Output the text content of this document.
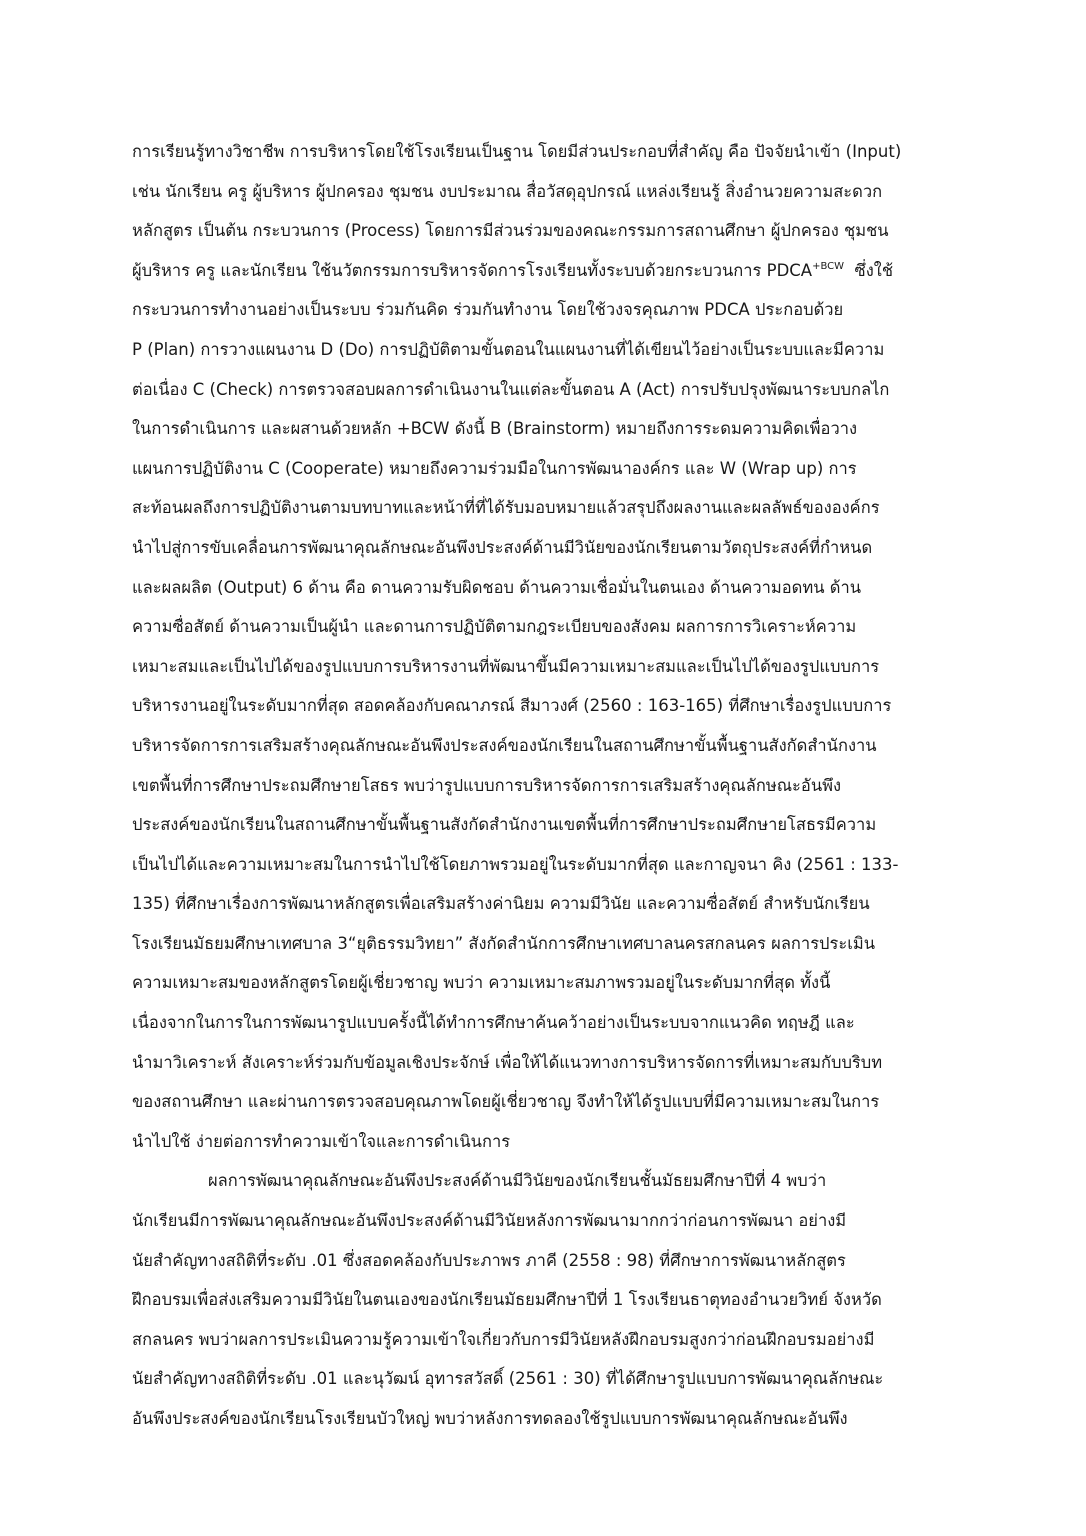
การเรียนรู้ทางวิชาชีพ การบริหารโดยใช้โรงเรียนเป็นฐาน โดยมีส่วนประกอบที่สำคัญ คือ ปัจจัยนำเข้า (Input)
เช่น นักเรียน ครู ผู้บริหาร ผู้ปกครอง ชุมชน งบประมาณ สื่อวัสดุอุปกรณ์ แหล่งเรียนรู้ สิ่งอำนวยความสะดวก
หลักสูตร เป็นต้น กระบวนการ (Process) โดยการมีส่วนร่วมของคณะกรรมการสถานศึกษา ผู้ปกครอง ชุมชน
ผู้บริหาร ครู และนักเรียน ใช้นวัตกรรมการบริหารจัดการโรงเรียนทั้งระบบด้วยกระบวนการ $PDCA^{+BCW}$ ซึ่งใช้
กระบวนการทำงานอย่างเป็นระบบ ร่วมกันคิด ร่วมกันทำงาน โดยใช้วงจรคุณภาพ PDCA ประกอบด้วย
P (Plan) การวางแผนงาน D (Do) การปฏิบัติตามขั้นตอนในแผนงานที่ได้เขียนไว้อย่างเป็นระบบและมีความ
ต่อเนื่อง C (Check) การตรวจสอบผลการดำเนินงานในแต่ละขั้นตอน A (Act) การปรับปรุงพัฒนาระบบกลไก
ในการดำเนินการ และผสานด้วยหลัก +BCW ดังนี้ B (Brainstorm) หมายถึงการระดมความคิดเพื่อวาง
แผนการปฏิบัติงาน C (Cooperate) หมายถึงความร่วมมือในการพัฒนาองค์กร และ W (Wrap up) การ
สะท้อนผลถึงการปฏิบัติงานตามบทบาทและหน้าที่ที่ได้รับมอบหมายแล้วสรุปถึงผลงานและผลลัพธ์ขององค์กร
นำไปสู่การขับเคลื่อนการพัฒนาคุณลักษณะอันพึงประสงค์ด้านมีวินัยของนักเรียนตามวัตถุประสงค์ที่กำหนด
และผลผลิต (Output) 6 ด้าน คือ ดานความรับผิดชอบ ด้านความเชื่อมั่นในตนเอง ด้านความอดทน ด้าน
ความซื่อสัตย์ ด้านความเป็นผู้นำ และดานการปฏิบัติตามกฎระเบียบของสังคม ผลการการวิเคราะห์ความ
เหมาะสมและเป็นไปได้ของรูปแบบการบริหารงานที่พัฒนาขึ้นมีความเหมาะสมและเป็นไปได้ของรูปแบบการ
บริหารงานอยู่ในระดับมากที่สุด สอดคล้องกับคณาภรณ์ สีมาวงศ์ (2560 : 163-165) ที่ศึกษาเรื่องรูปแบบการ
บริหารจัดการการเสริมสร้างคุณลักษณะอันพึงประสงค์ของนักเรียนในสถานศึกษาขั้นพื้นฐานสังกัดสำนักงาน
เขตพื้นที่การศึกษาประถมศึกษายโสธร พบว่ารูปแบบการบริหารจัดการการเสริมสร้างคุณลักษณะอันพึง
ประสงค์ของนักเรียนในสถานศึกษาขั้นพื้นฐานสังกัดสำนักงานเขตพื้นที่การศึกษาประถมศึกษายโสธรมีความ
เป็นไปได้และความเหมาะสมในการนำไปใช้โดยภาพรวมอยู่ในระดับมากที่สุด และกาญจนา คิง (2561 : 133-
135) ที่ศึกษาเรื่องการพัฒนาหลักสูตรเพื่อเสริมสร้างค่านิยม ความมีวินัย และความซื่อสัตย์ สำหรับนักเรียน
โรงเรียนมัธยมศึกษาเทศบาล 3“ยุติธรรมวิทยา” สังกัดสำนักการศึกษาเทศบาลนครสกลนคร ผลการประเมิน
ความเหมาะสมของหลักสูตรโดยผู้เชี่ยวชาญ พบว่า ความเหมาะสมภาพรวมอยู่ในระดับมากที่สุด ทั้งนี้
เนื่องจากในการในการพัฒนารูปแบบครั้งนี้ได้ทำการศึกษาค้นคว้าอย่างเป็นระบบจากแนวคิด ทฤษฎี และ
นำมาวิเคราะห์ สังเคราะห์ร่วมกับข้อมูลเชิงประจักษ์ เพื่อให้ได้แนวทางการบริหารจัดการที่เหมาะสมกับบริบท
ของสถานศึกษา และผ่านการตรวจสอบคุณภาพโดยผู้เชี่ยวชาญ จึงทำให้ได้รูปแบบที่มีความเหมาะสมในการ
นำไปใช้ ง่ายต่อการทำความเข้าใจและการดำเนินการ
ผลการพัฒนาคุณลักษณะอันพึงประสงค์ด้านมีวินัยของนักเรียนชั้นมัธยมศึกษาปีที่ 4 พบว่า
นักเรียนมีการพัฒนาคุณลักษณะอันพึงประสงค์ด้านมีวินัยหลังการพัฒนามากกว่าก่อนการพัฒนา อย่างมี
นัยสำคัญทางสถิติที่ระดับ .01 ซึ่งสอดคล้องกับประภาพร ภาคี (2558 : 98) ที่ศึกษาการพัฒนาหลักสูตร
ฝึกอบรมเพื่อส่งเสริมความมีวินัยในตนเองของนักเรียนมัธยมศึกษาปีที่ 1 โรงเรียนธาตุทองอำนวยวิทย์ จังหวัด
สกลนคร พบว่าผลการประเมินความรู้ความเข้าใจเกี่ยวกับการมีวินัยหลังฝึกอบรมสูงกว่าก่อนฝึกอบรมอย่างมี
นัยสำคัญทางสถิติที่ระดับ .01 และนุวัฒน์ อุทารสวัสดิ์ (2561 : 30) ที่ได้ศึกษารูปแบบการพัฒนาคุณลักษณะ
อันพึงประสงค์ของนักเรียนโรงเรียนบัวใหญ่ พบว่าหลังการทดลองใช้รูปแบบการพัฒนาคุณลักษณะอันพึง
